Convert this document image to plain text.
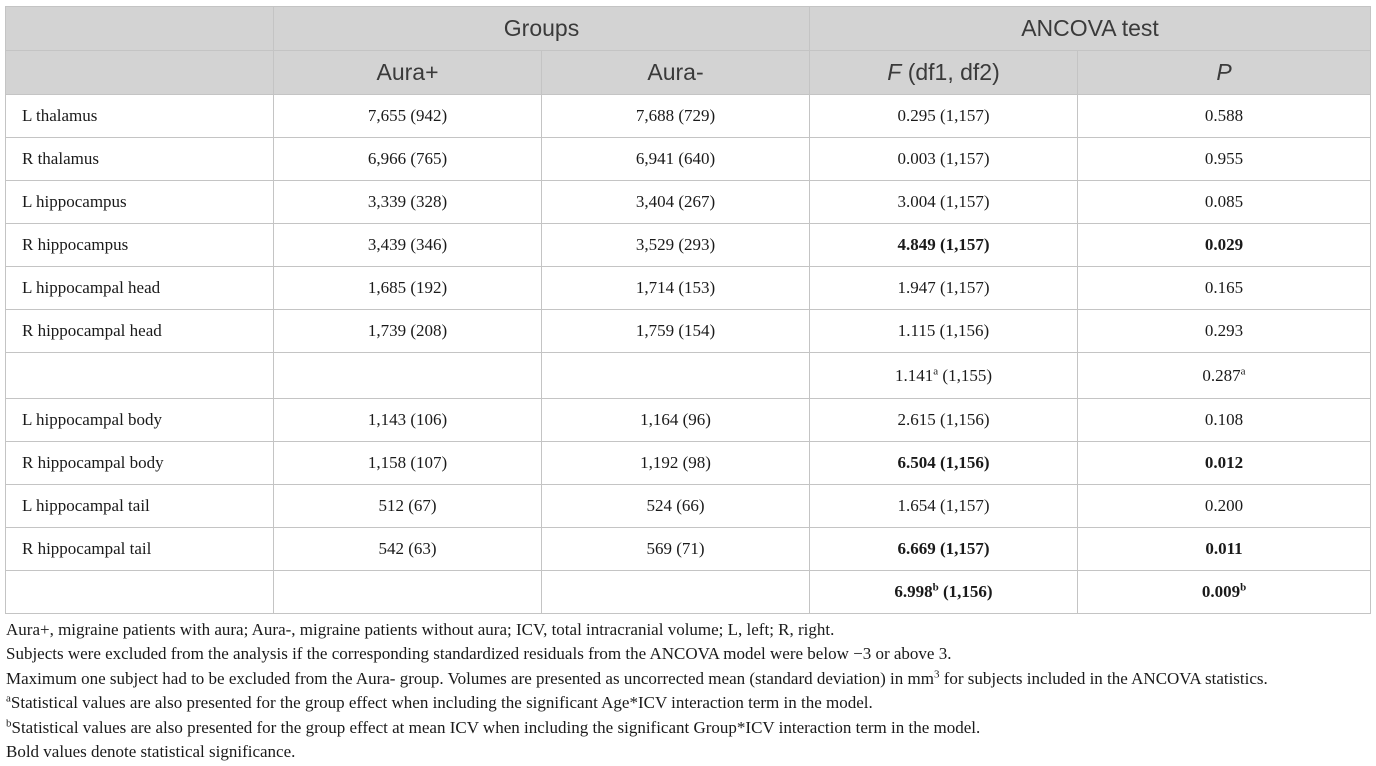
	Groups		ANCOVA test	
	Aura+	Aura-	F (df1, df2)	P
L thalamus	7,655 (942)	7,688 (729)	0.295 (1,157)	0.588
R thalamus	6,966 (765)	6,941 (640)	0.003 (1,157)	0.955
L hippocampus	3,339 (328)	3,404 (267)	3.004 (1,157)	0.085
R hippocampus	3,439 (346)	3,529 (293)	4.849 (1,157)	0.029
L hippocampal head	1,685 (192)	1,714 (153)	1.947 (1,157)	0.165
R hippocampal head	1,739 (208)	1,759 (154)	1.115 (1,156)	0.293
			1.141$^a$ (1,155)	0.287$^a$
L hippocampal body	1,143 (106)	1,164 (96)	2.615 (1,156)	0.108
R hippocampal body	1,158 (107)	1,192 (98)	6.504 (1,156)	0.012
L hippocampal tail	512 (67)	524 (66)	1.654 (1,157)	0.200
R hippocampal tail	542 (63)	569 (71)	6.669 (1,157)	0.011
			6.998$^b$ (1,156)	0.009$^b$
Aura+, migraine patients with aura; Aura-, migraine patients without aura; ICV, total intracranial volume; L, left; R, right.
Subjects were excluded from the analysis if the corresponding standardized residuals from the ANCOVA model were below −3 or above 3.
Maximum one subject had to be excluded from the Aura- group. Volumes are presented as uncorrected mean (standard deviation) in $mm^3$ for subjects included in the ANCOVA statistics.
$^a$Statistical values are also presented for the group effect when including the significant Age*ICV interaction term in the model.
$^b$Statistical values are also presented for the group effect at mean ICV when including the significant Group*ICV interaction term in the model.
Bold values denote statistical significance.
